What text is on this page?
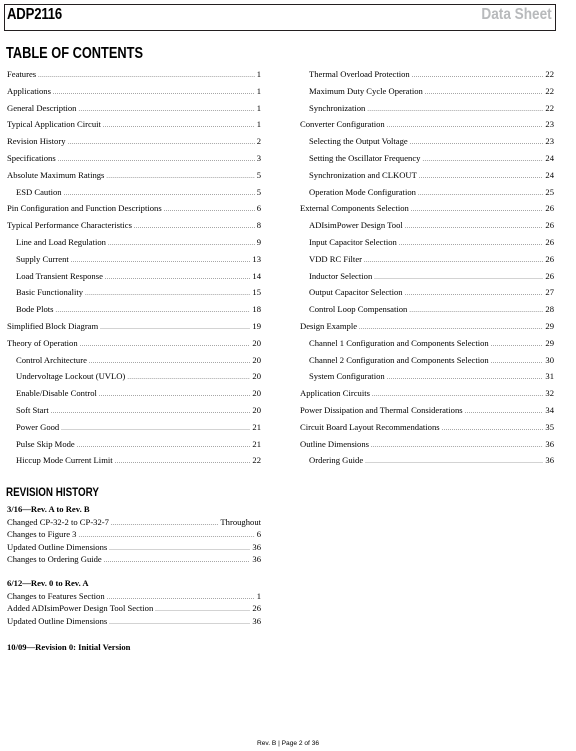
ADP2116	Data Sheet
TABLE OF CONTENTS
Features .....	1
Applications .....	1
General Description .....	1
Typical Application Circuit .....	1
Revision History .....	2
Specifications .....	3
Absolute Maximum Ratings .....	5
ESD Caution .....	5
Pin Configuration and Function Descriptions .....	6
Typical Performance Characteristics .....	8
Line and Load Regulation .....	9
Supply Current .....	13
Load Transient Response .....	14
Basic Functionality .....	15
Bode Plots .....	18
Simplified Block Diagram .....	19
Theory of Operation .....	20
Control Architecture .....	20
Undervoltage Lockout (UVLO) .....	20
Enable/Disable Control .....	20
Soft Start .....	20
Power Good .....	21
Pulse Skip Mode .....	21
Hiccup Mode Current Limit .....	22
Thermal Overload Protection .....	22
Maximum Duty Cycle Operation .....	22
Synchronization .....	22
Converter Configuration .....	23
Selecting the Output Voltage .....	23
Setting the Oscillator Frequency .....	24
Synchronization and CLKOUT .....	24
Operation Mode Configuration .....	25
External Components Selection .....	26
ADIsimPower Design Tool .....	26
Input Capacitor Selection .....	26
VDD RC Filter .....	26
Inductor Selection .....	26
Output Capacitor Selection .....	27
Control Loop Compensation .....	28
Design Example .....	29
Channel 1 Configuration and Components Selection .....	29
Channel 2 Configuration and Components Selection .....	30
System Configuration .....	31
Application Circuits .....	32
Power Dissipation and Thermal Considerations .....	34
Circuit Board Layout Recommendations .....	35
Outline Dimensions .....	36
Ordering Guide .....	36
REVISION HISTORY
3/16—Rev. A to Rev. B
Changed CP-32-2 to CP-32-7 .....	Throughout
Changes to Figure 3 .....	6
Updated Outline Dimensions .....	36
Changes to Ordering Guide .....	36
6/12—Rev. 0 to Rev. A
Changes to Features Section .....	1
Added ADIsimPower Design Tool Section .....	26
Updated Outline Dimensions .....	36
10/09—Revision 0: Initial Version
Rev. B | Page 2 of 36
